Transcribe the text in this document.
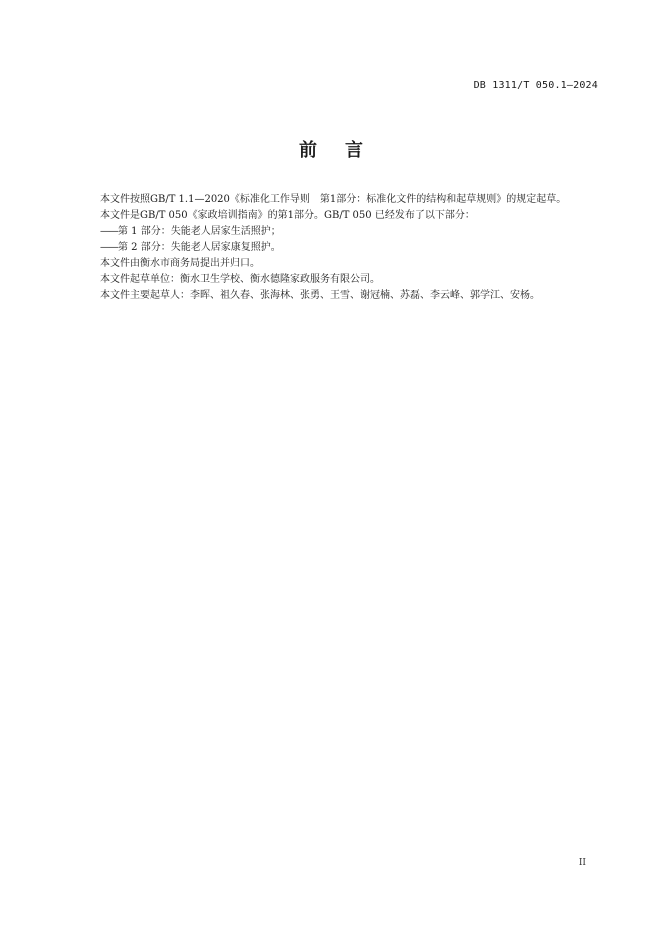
DB 1311/T 050.1—2024
前言

本文件按照GB/T 1.1—2020《标准化工作导则　第1部分：标准化文件的结构和起草规则》的规定起草。

本文件是GB/T 050《家政培训指南》的第1部分。GB/T 050 已经发布了以下部分：

——第 1 部分：失能老人居家生活照护；

——第 2 部分：失能老人居家康复照护。

本文件由衡水市商务局提出并归口。

本文件起草单位：衡水卫生学校、衡水德隆家政服务有限公司。

本文件主要起草人：李晖、祖久春、张海林、张勇、王雪、谢冠楠、苏磊、李云峰、郭学江、安杨。

II
